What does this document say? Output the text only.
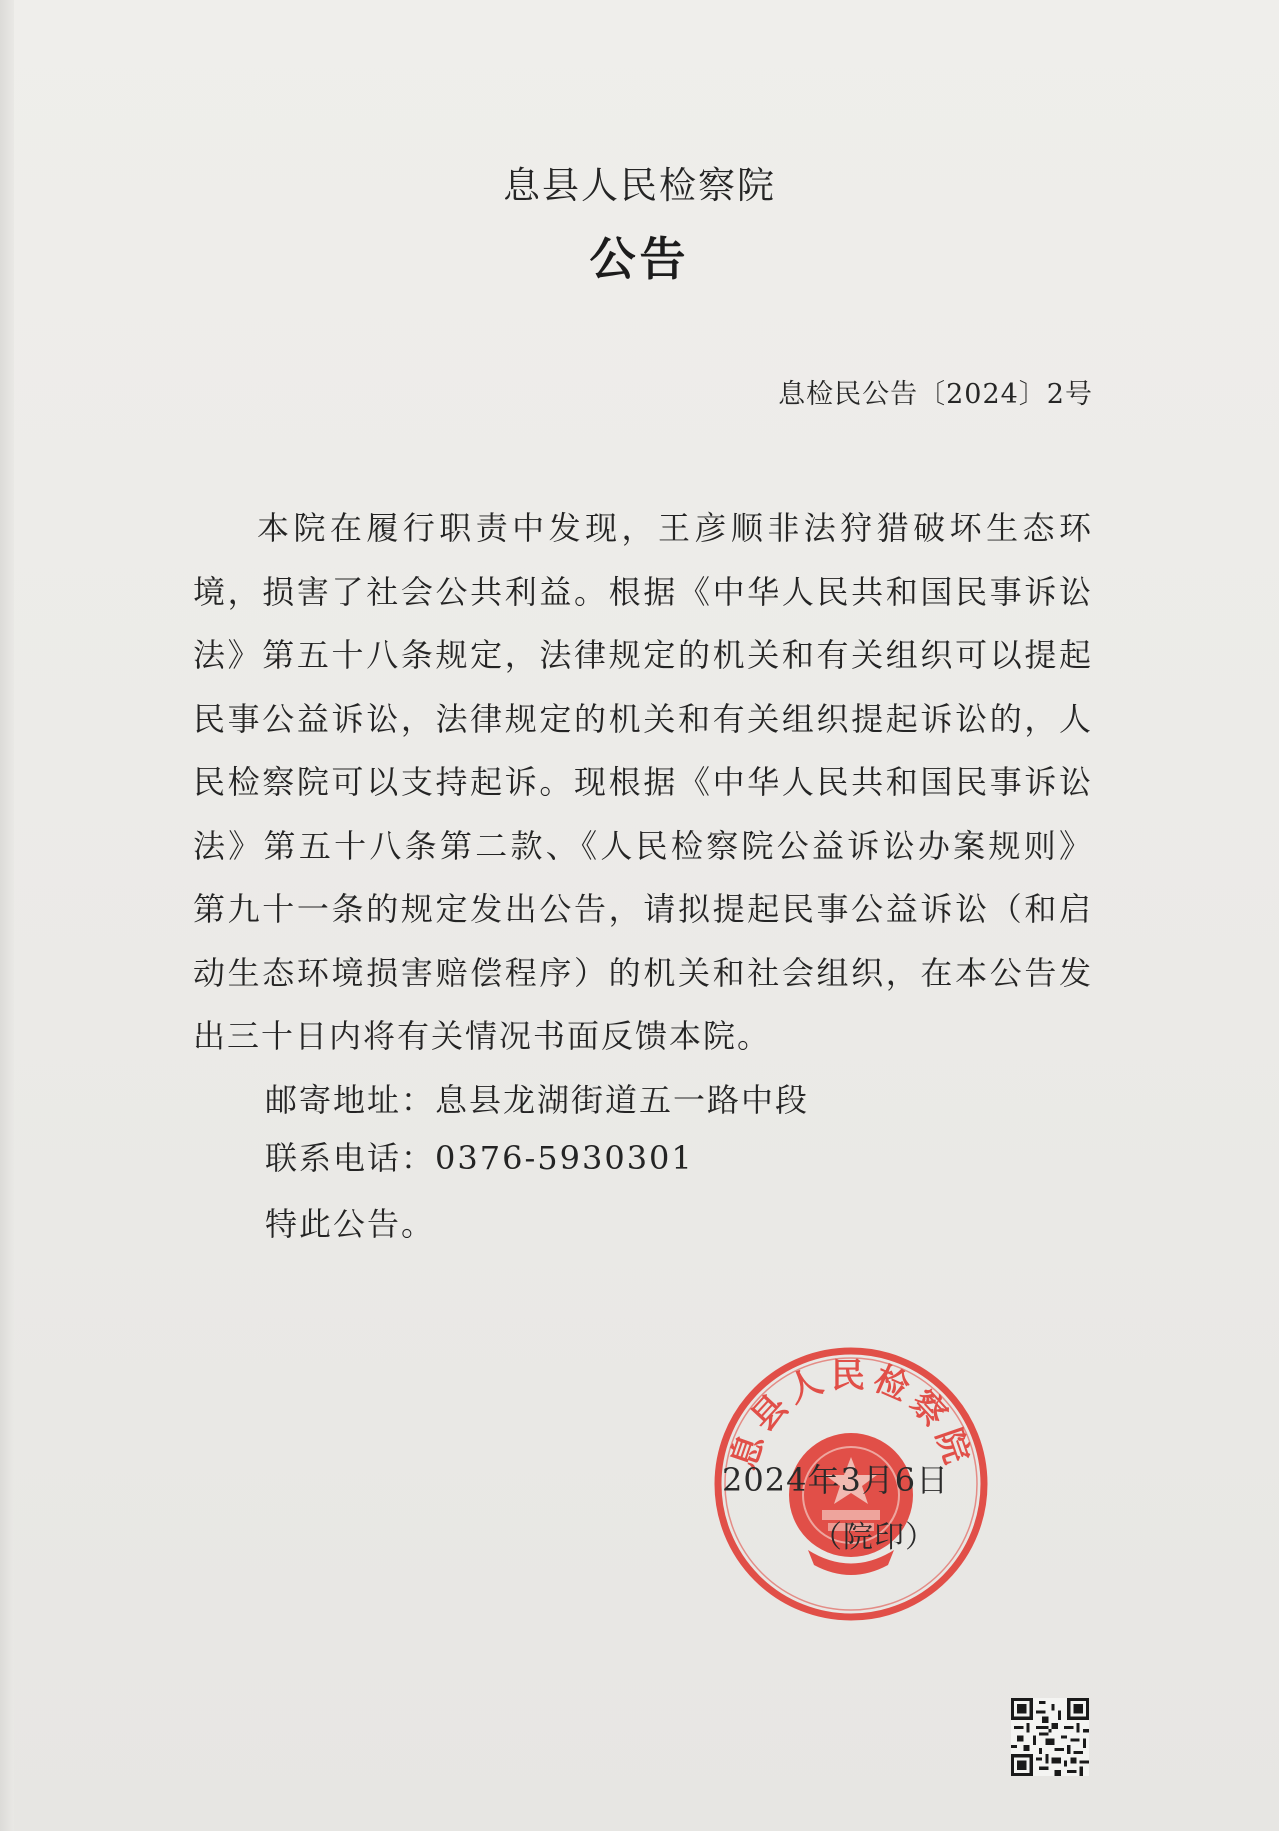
息县人民检察院
公告
息检民公告〔2024〕2号

本院在履行职责中发现，王彦顺非法狩猎破坏生态环境，损害了社会公共利益。根据《中华人民共和国民事诉讼法》第五十八条规定，法律规定的机关和有关组织可以提起民事公益诉讼，法律规定的机关和有关组织提起诉讼的，人民检察院可以支持起诉。现根据《中华人民共和国民事诉讼法》第五十八条第二款、《人民检察院公益诉讼办案规则》第九十一条的规定发出公告，请拟提起民事公益诉讼（和启动生态环境损害赔偿程序）的机关和社会组织，在本公告发出三十日内将有关情况书面反馈本院。

邮寄地址：息县龙湖街道五一路中段
联系电话：0376-5930301
特此公告。
息县人民检察院
2024年3月6日
（院印）
